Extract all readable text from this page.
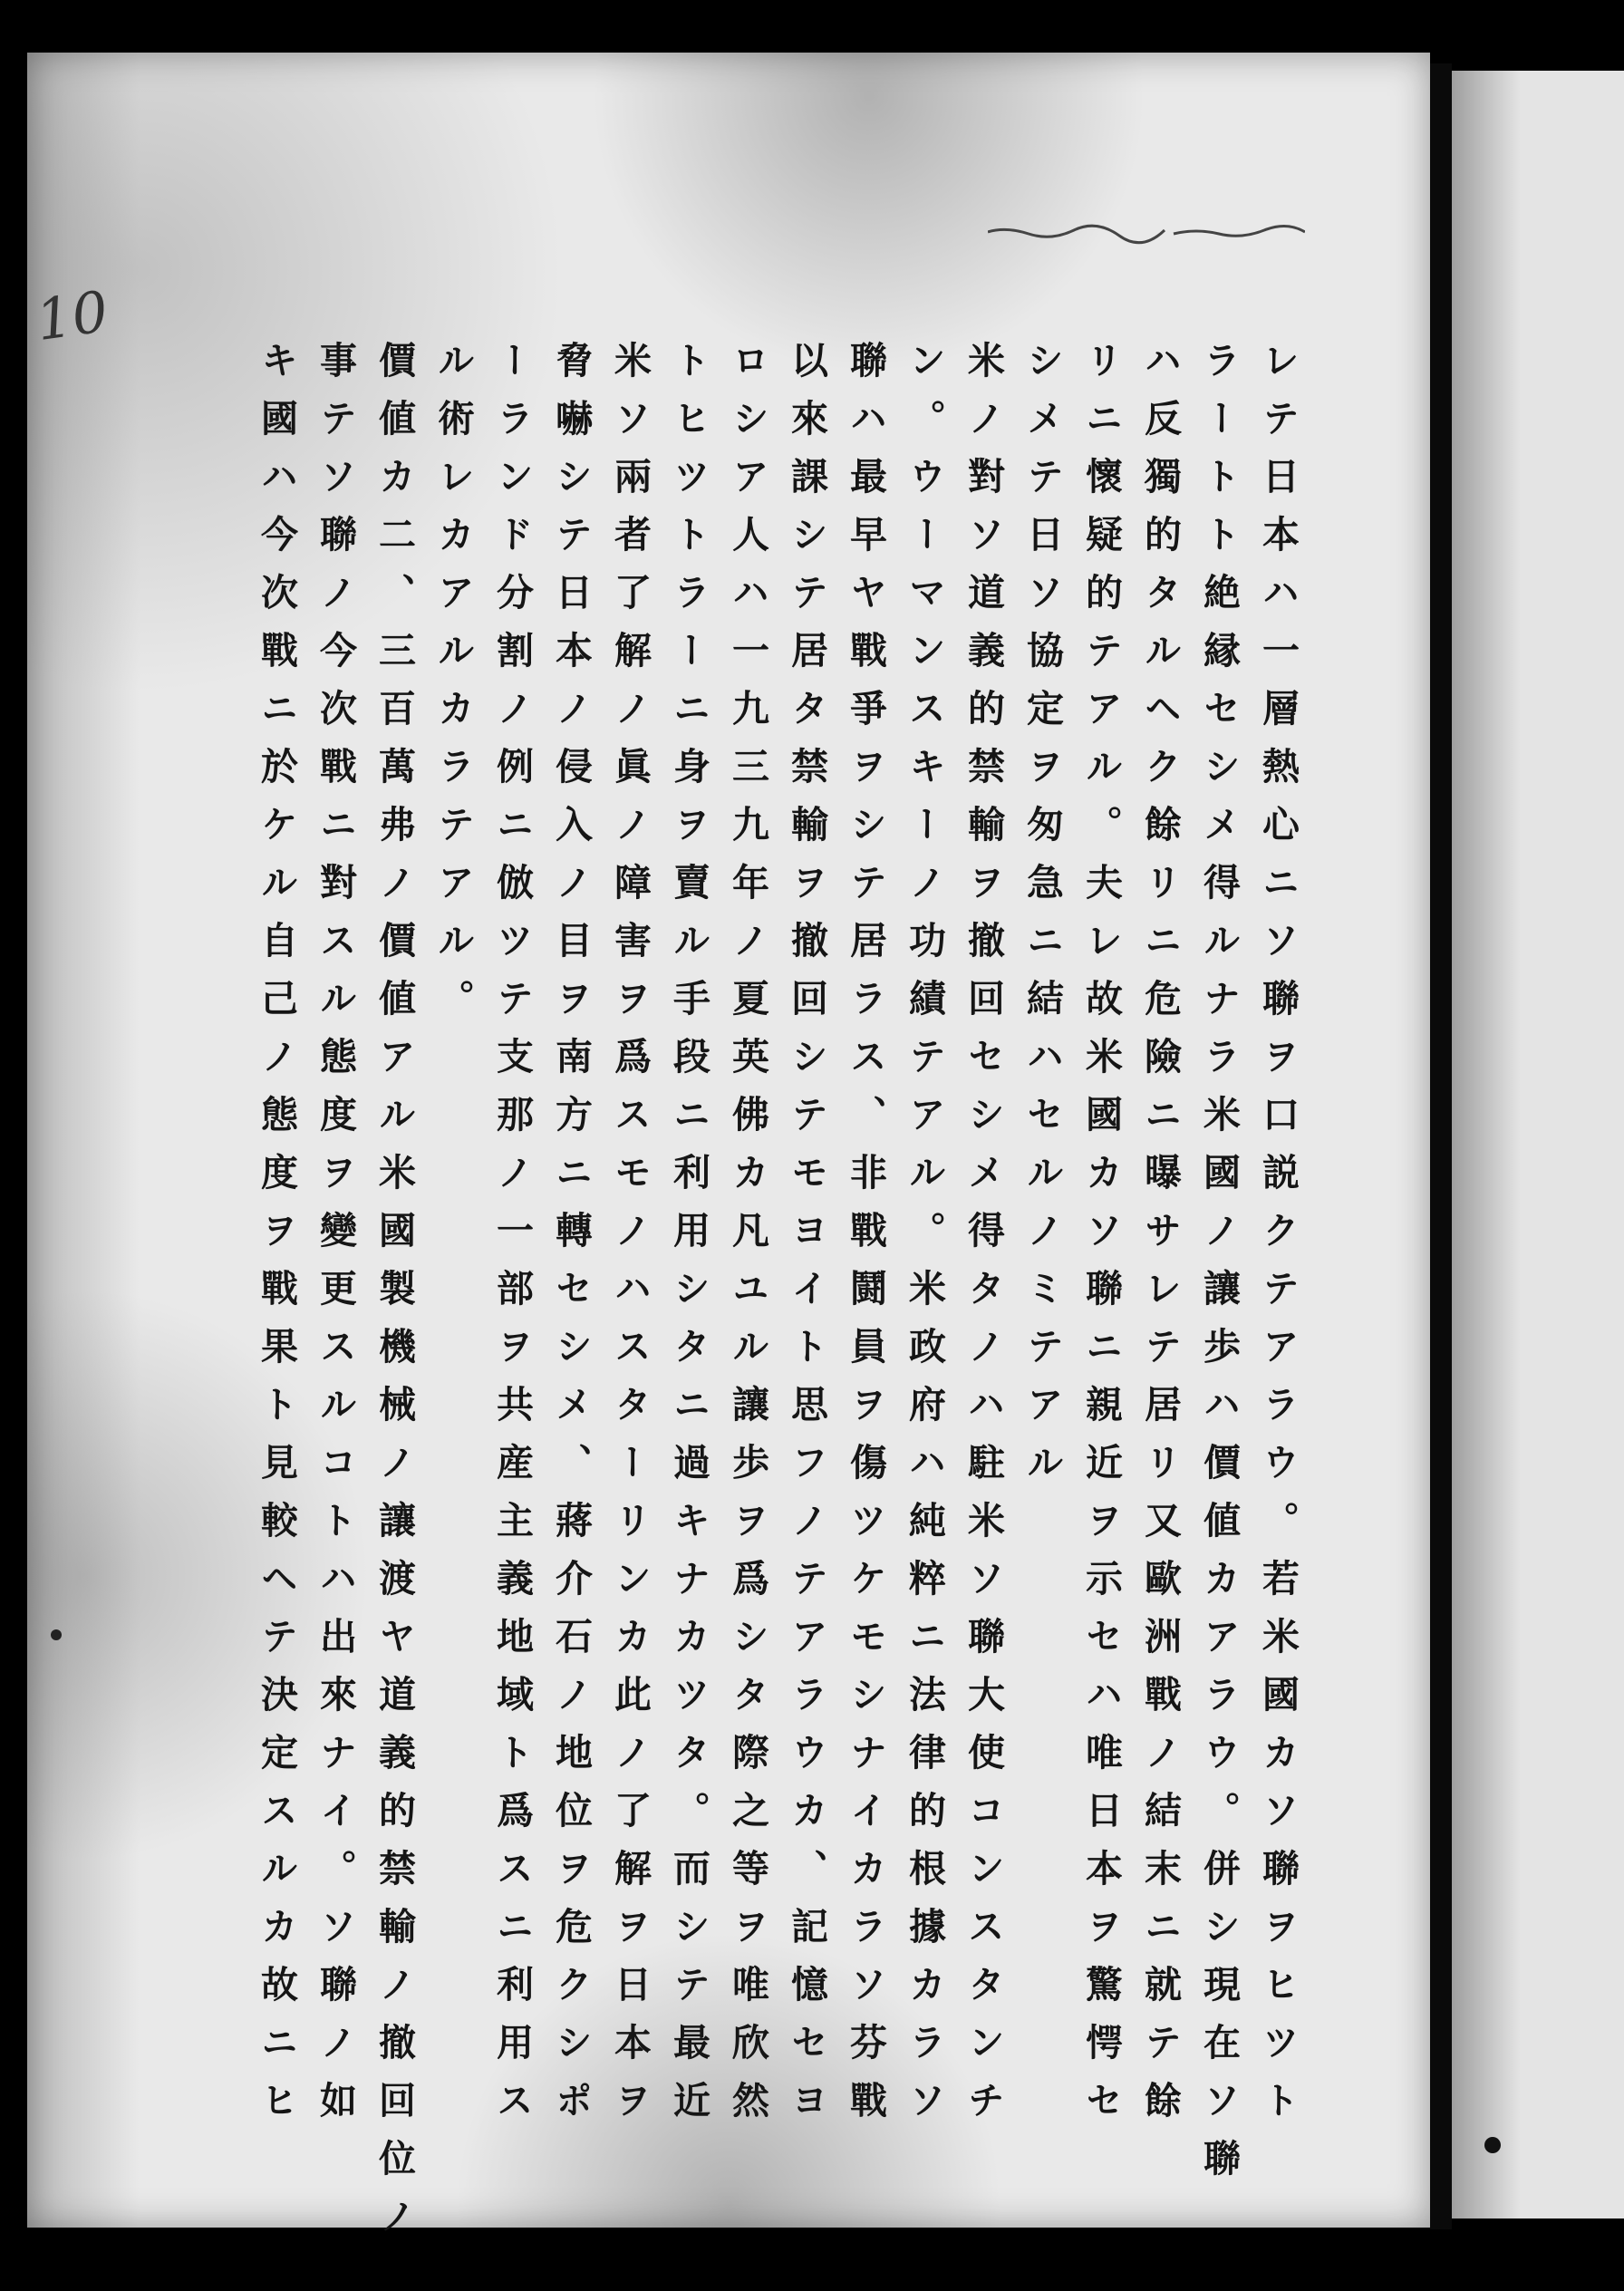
10
レテ日本ハ一層熱心ニソ聯ヲ口説クテアラウ。若米國カソ聯ヲヒツト
ラートト絶縁セシメ得ルナラ米國ノ讓歩ハ價値カアラウ。併シ現在ソ聯
ハ反獨的タルヘク餘リニ危險ニ曝サレテ居リ又歐洲戰ノ結末ニ就テ餘
リニ懷疑的テアル。夫レ故米國カソ聯ニ親近ヲ示セハ唯日本ヲ驚愕セ
シメテ日ソ協定ヲ匆急ニ結ハセルノミテアル
米ノ對ソ道義的禁輸ヲ撤回セシメ得タノハ駐米ソ聯大使コンスタンチ
ン。ウーマンスキーノ功績テアル。米政府ハ純粹ニ法律的根據カラソ
聯ハ最早ヤ戰爭ヲシテ居ラス、非戰鬪員ヲ傷ツケモシナイカラソ芬戰
以來課シテ居タ禁輸ヲ撤回シテモヨイト思フノテアラウカ、記憶セヨ
ロシア人ハ一九三九年ノ夏英佛カ凡ユル讓歩ヲ爲シタ際之等ヲ唯欣然
トヒツトラーニ身ヲ賣ル手段ニ利用シタニ過キナカツタ。而シテ最近
米ソ兩者了解ノ眞ノ障害ヲ爲スモノハスターリンカ此ノ了解ヲ日本ヲ
脅嚇シテ日本ノ侵入ノ目ヲ南方ニ轉セシメ、蔣介石ノ地位ヲ危クシポ
ーランド分割ノ例ニ倣ツテ支那ノ一部ヲ共産主義地域ト爲スニ利用ス
ル術レカアルカラテアル。
價値カ二、三百萬弗ノ價値アル米國製機械ノ讓渡ヤ道義的禁輸ノ撤回位ノ
事テソ聯ノ今次戰ニ對スル態度ヲ變更スルコトハ出來ナイ。ソ聯ノ如
キ國ハ今次戰ニ於ケル自己ノ態度ヲ戰果ト見較ヘテ決定スルカ故ニヒ
